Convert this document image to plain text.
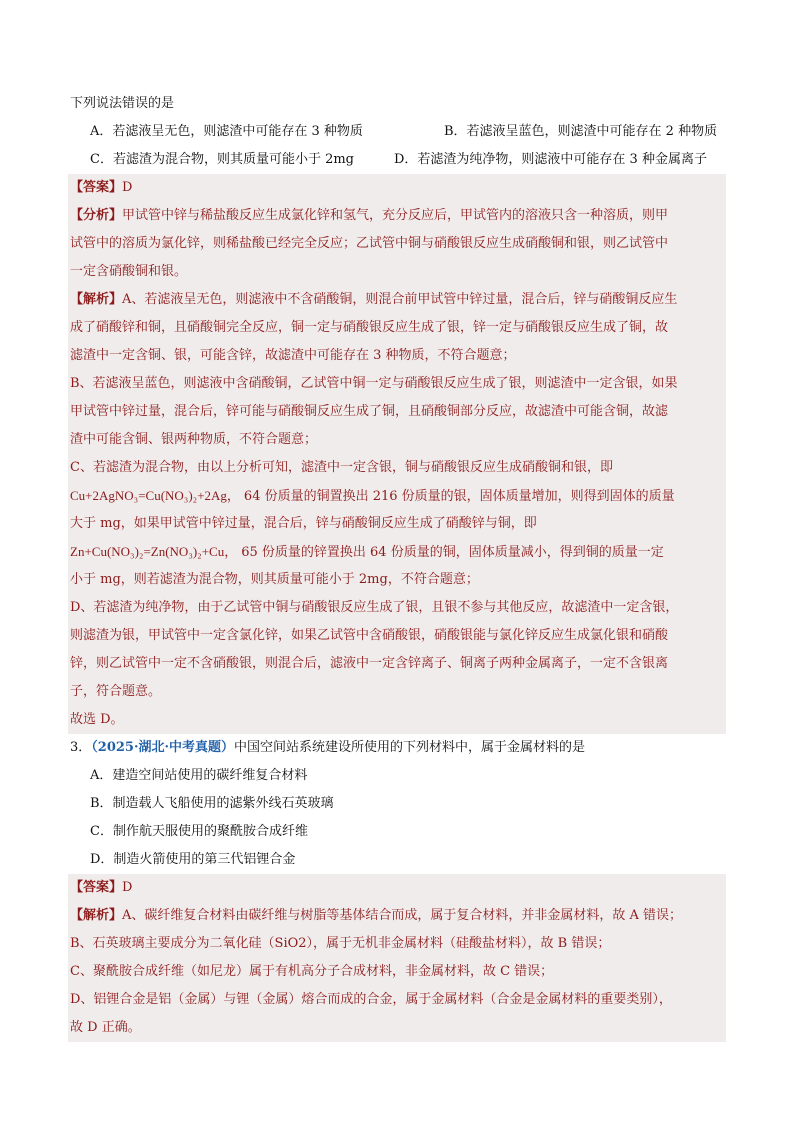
下列说法错误的是
A．若滤液呈无色，则滤渣中可能存在 3 种物质	B．若滤液呈蓝色，则滤渣中可能存在 2 种物质
C．若滤渣为混合物，则其质量可能小于 2mg	D．若滤渣为纯净物，则滤液中可能存在 3 种金属离子
【答案】D
【分析】甲试管中锌与稀盐酸反应生成氯化锌和氢气，充分反应后，甲试管内的溶液只含一种溶质，则甲
试管中的溶质为氯化锌，则稀盐酸已经完全反应；乙试管中铜与硝酸银反应生成硝酸铜和银，则乙试管中
一定含硝酸铜和银。
【解析】A、若滤液呈无色，则滤液中不含硝酸铜，则混合前甲试管中锌过量，混合后，锌与硝酸铜反应生
成了硝酸锌和铜，且硝酸铜完全反应，铜一定与硝酸银反应生成了银，锌一定与硝酸银反应生成了铜，故
滤渣中一定含铜、银，可能含锌，故滤渣中可能存在 3 种物质，不符合题意；
B、若滤液呈蓝色，则滤液中含硝酸铜，乙试管中铜一定与硝酸银反应生成了银，则滤渣中一定含银，如果
甲试管中锌过量，混合后，锌可能与硝酸铜反应生成了铜，且硝酸铜部分反应，故滤渣中可能含铜，故滤
渣中可能含铜、银两种物质，不符合题意；
C、若滤渣为混合物，由以上分析可知，滤渣中一定含银，铜与硝酸银反应生成硝酸铜和银，即
Cu+2AgNO₃=Cu(NO₃)₂+2Ag， 64 份质量的铜置换出 216 份质量的银，固体质量增加，则得到固体的质量
大于 mg，如果甲试管中锌过量，混合后，锌与硝酸铜反应生成了硝酸锌与铜，即
Zn+Cu(NO₃)₂=Zn(NO₃)₂+Cu， 65 份质量的锌置换出 64 份质量的铜，固体质量减小，得到铜的质量一定
小于 mg，则若滤渣为混合物，则其质量可能小于 2mg，不符合题意；
D、若滤渣为纯净物，由于乙试管中铜与硝酸银反应生成了银，且银不参与其他反应，故滤渣中一定含银，
则滤渣为银，甲试管中一定含氯化锌，如果乙试管中含硝酸银，硝酸银能与氯化锌反应生成氯化银和硝酸
锌，则乙试管中一定不含硝酸银，则混合后，滤液中一定含锌离子、铜离子两种金属离子，一定不含银离
子，符合题意。
故选 D。
3．（2025·湖北·中考真题）中国空间站系统建设所使用的下列材料中，属于金属材料的是
A．建造空间站使用的碳纤维复合材料
B．制造载人飞船使用的滤紫外线石英玻璃
C．制作航天服使用的聚酰胺合成纤维
D．制造火箭使用的第三代铝锂合金
【答案】D
【解析】A、碳纤维复合材料由碳纤维与树脂等基体结合而成，属于复合材料，并非金属材料，故 A 错误；
B、石英玻璃主要成分为二氧化硅（SiO2），属于无机非金属材料（硅酸盐材料），故 B 错误；
C、聚酰胺合成纤维（如尼龙）属于有机高分子合成材料，非金属材料，故 C 错误；
D、铝锂合金是铝（金属）与锂（金属）熔合而成的合金，属于金属材料（合金是金属材料的重要类别），
故 D 正确。
